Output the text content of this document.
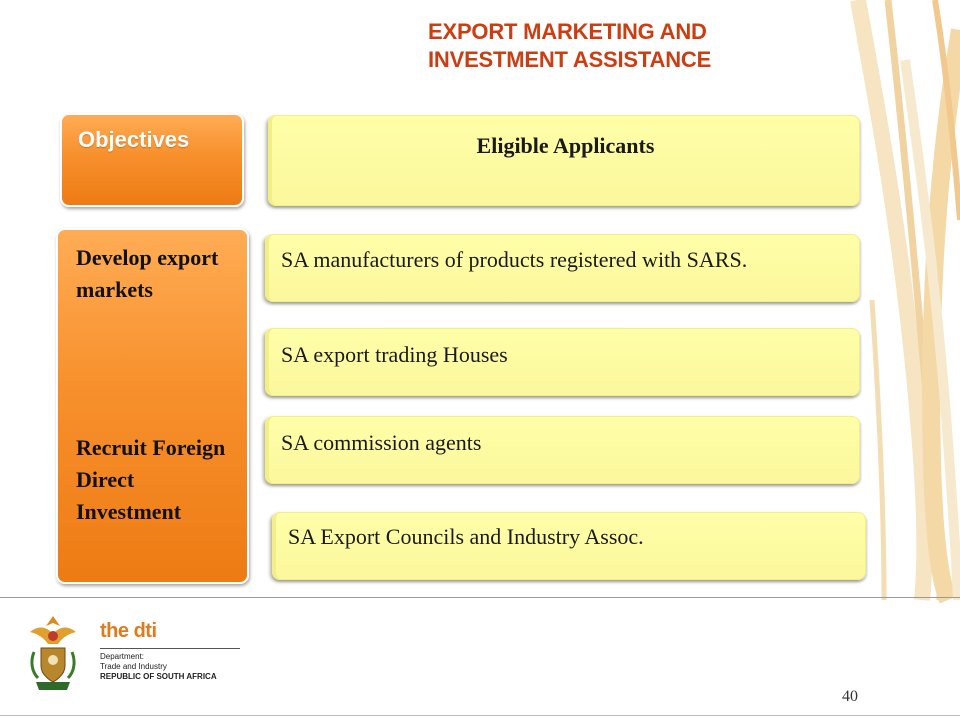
EXPORT MARKETING AND
INVESTMENT ASSISTANCE
Objectives
Develop export markets
Recruit Foreign Direct Investment
Eligible Applicants
SA manufacturers of products registered with SARS.
SA export trading Houses
SA commission agents
SA Export Councils and Industry Assoc.
the dti
Department:
Trade and Industry
REPUBLIC OF SOUTH AFRICA
40
